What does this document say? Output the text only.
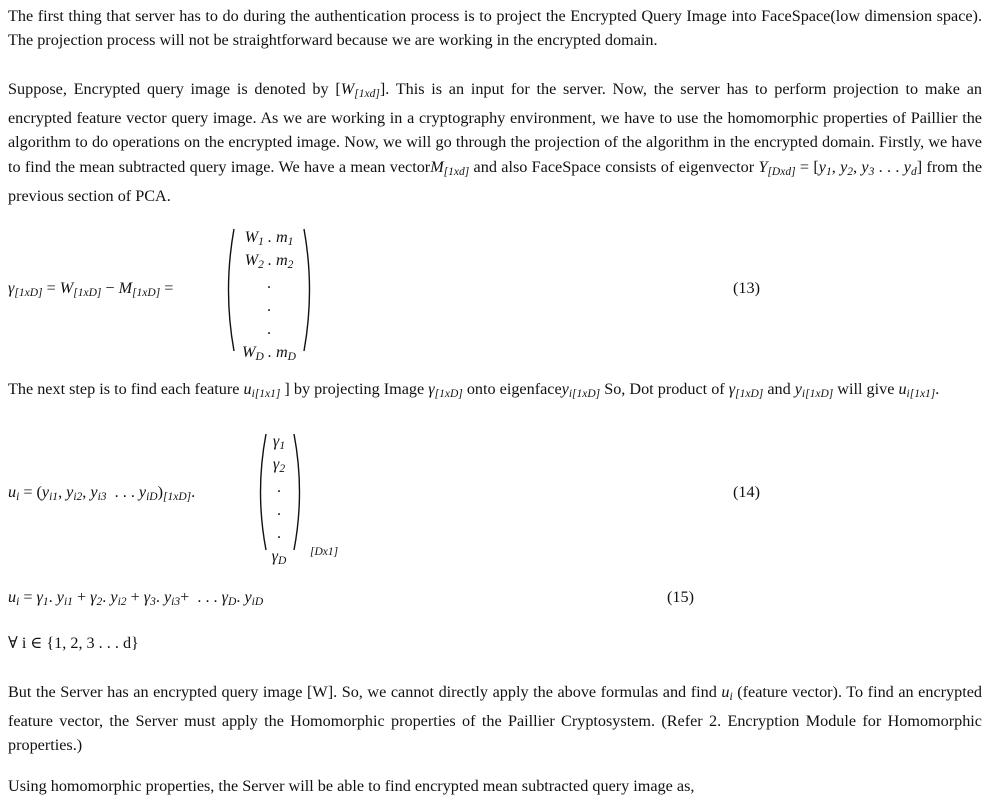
The first thing that server has to do during the authentication process is to project the Encrypted Query Image into FaceSpace(low dimension space). The projection process will not be straightforward because we are working in the encrypted domain.

Suppose, Encrypted query image is denoted by $[W_{[1xd]}]$. This is an input for the server. Now, the server has to perform projection to make an encrypted feature vector query image. As we are working in a cryptography environment, we have to use the homomorphic properties of Paillier the algorithm to do operations on the encrypted image. Now, we will go through the projection of the algorithm in the encrypted domain. Firstly, we have to find the mean subtracted query image. We have a mean vectorM$_{[1xd]}$ and also FaceSpace consists of eigenvector $Y_{[Dxd]} = [y_1$, $y_2$, $y_3$ . . . $y_d$] from the previous section of PCA.

$\gamma_{[1xD]} = W_{[1xD]} - M_{[1xD]}$ =
$W_1$ . $m_1$
$W_2$ . $m_2$
.
.
.
$W_D$ . $m_D$
(13)

The next step is to find each feature $u_{i[1x1]}$ ] by projecting Image $\gamma_{[1xD]}$ onto eigenfacey$_{i[1xD]}$ So, Dot product of $\gamma_{[1xD]}$ and $y_{i[1xD]}$ will give $u_{i[1x1]}$.

$u_i = (y_{i1}$, $y_{i2}$, $y_{i3}$  . . . $y_{iD})_{[1xD]}$.
$\gamma_1$
$\gamma_2$
.
.
.
$\gamma_D$
[Dx1]
(14)
$u_i = \gamma_1$. $y_{i1} + \gamma_2$. $y_{i2} + \gamma_3$. $y_{i3}+$  . . . $\gamma_D$. $y_{iD}$	(15)
∀ i ∈ {1, 2, 3 . . . d}

But the Server has an encrypted query image [W]. So, we cannot directly apply the above formulas and find $u_i$ (feature vector). To find an encrypted feature vector, the Server must apply the Homomorphic properties of the Paillier Cryptosystem. (Refer 2. Encryption Module for Homomorphic properties.)

Using homomorphic properties, the Server will be able to find encrypted mean subtracted query image as,
